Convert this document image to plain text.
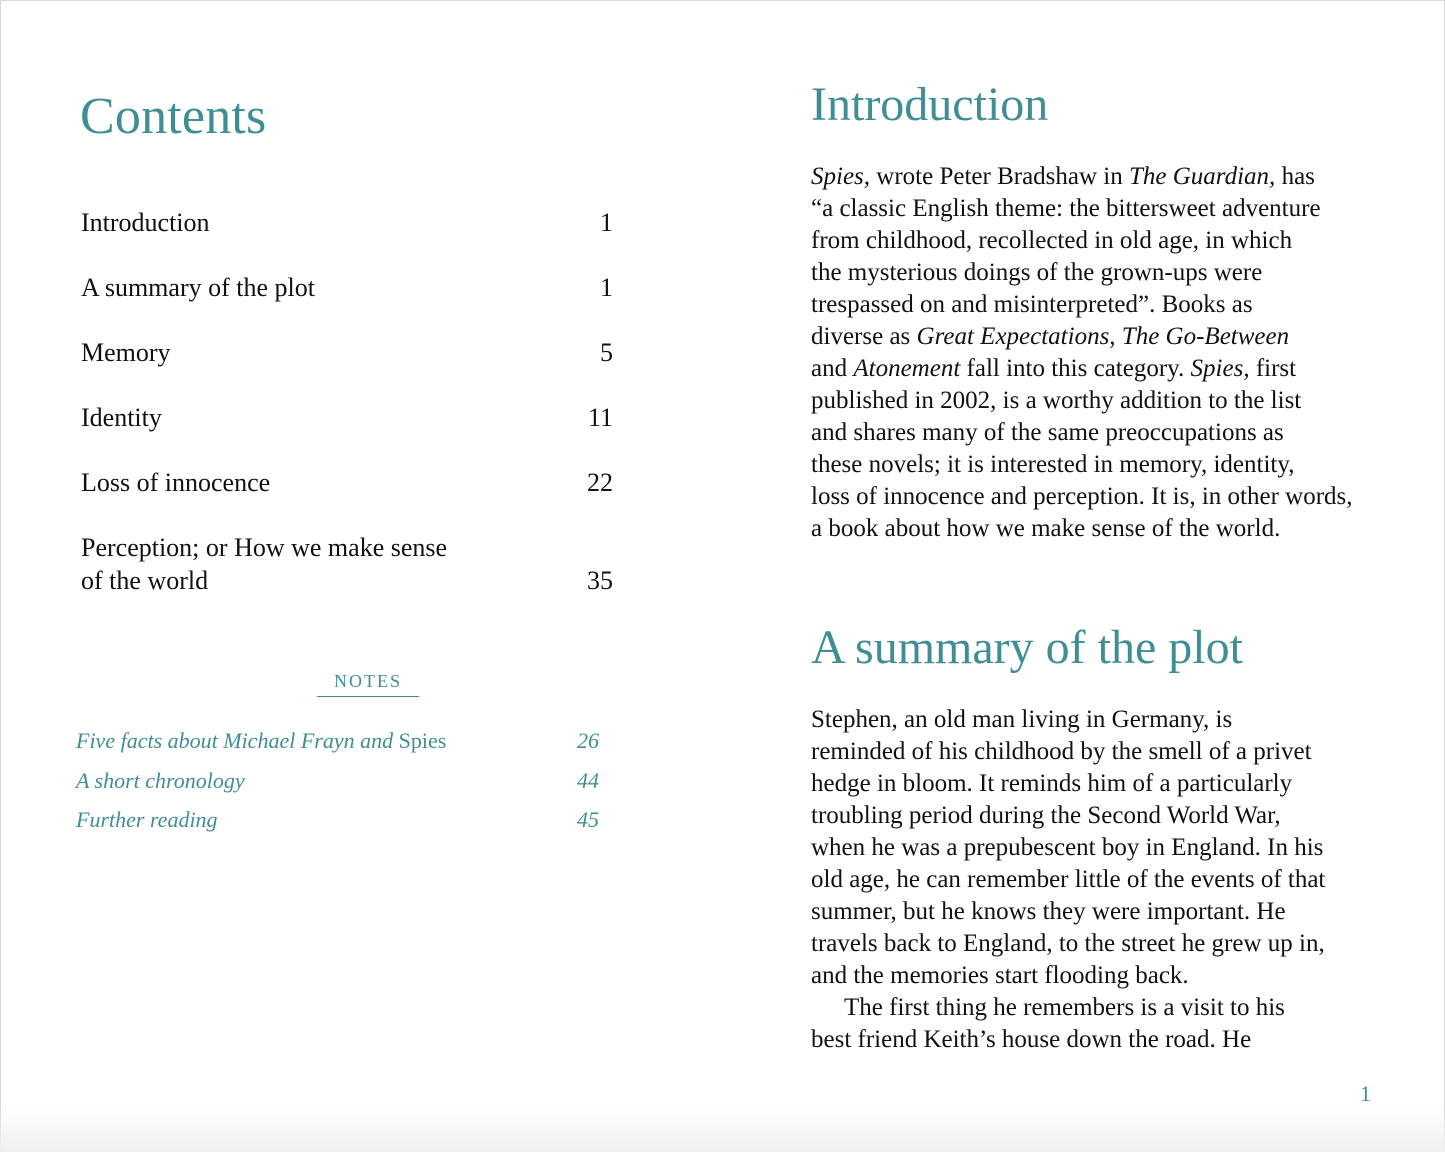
Contents
Introduction	1
A summary of the plot	1
Memory	5
Identity	11
Loss of innocence	22
Perception; or How we make sense
of the world	35
NOTES
Five facts about Michael Frayn and Spies	26
A short chronology	44
Further reading	45
Introduction

Spies, wrote Peter Bradshaw in The Guardian, has
“a classic English theme: the bittersweet adventure
from childhood, recollected in old age, in which
the mysterious doings of the grown-ups were
trespassed on and misinterpreted”. Books as
diverse as Great Expectations, The Go-Between
and Atonement fall into this category. Spies, first
published in 2002, is a worthy addition to the list
and shares many of the same preoccupations as
these novels; it is interested in memory, identity,
loss of innocence and perception. It is, in other words,
a book about how we make sense of the world.

A summary of the plot

Stephen, an old man living in Germany, is
reminded of his childhood by the smell of a privet
hedge in bloom. It reminds him of a particularly
troubling period during the Second World War,
when he was a prepubescent boy in England. In his
old age, he can remember little of the events of that
summer, but he knows they were important. He
travels back to England, to the street he grew up in,
and the memories start flooding back.
The first thing he remembers is a visit to his
best friend Keith’s house down the road. He

1
